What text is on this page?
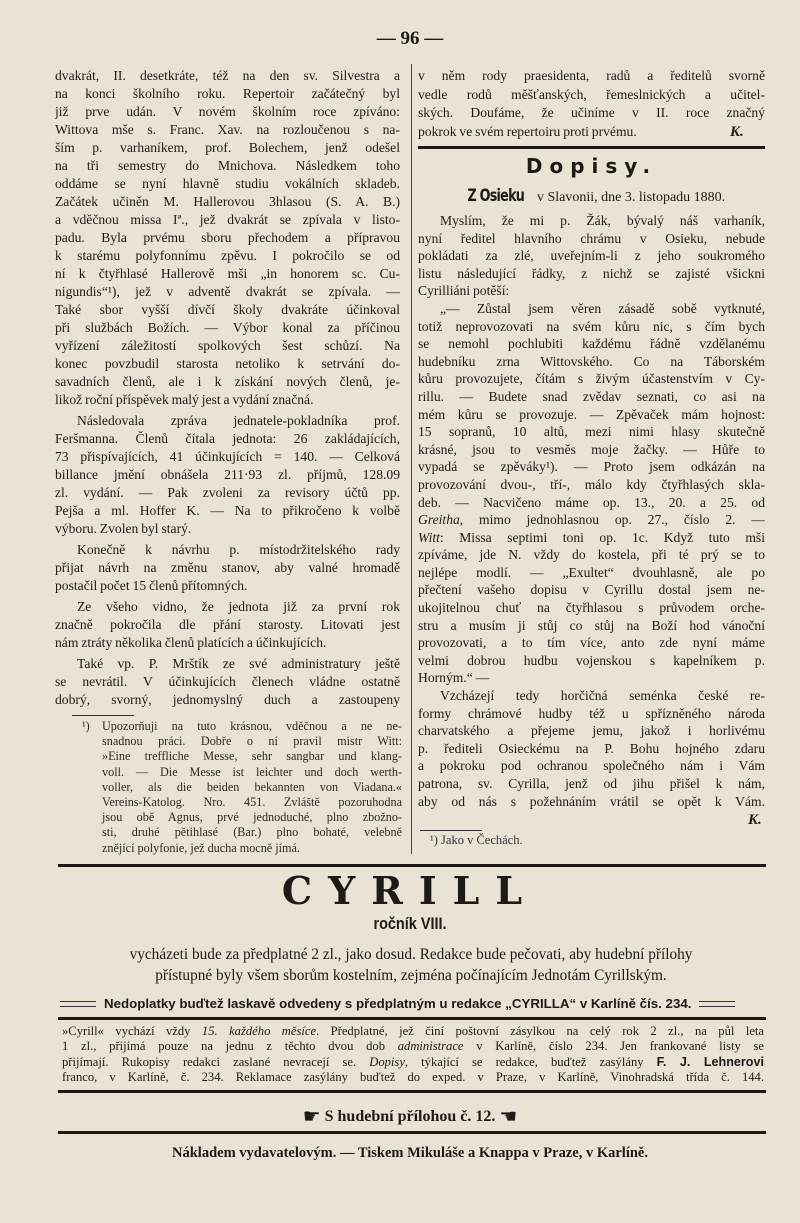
— 96 —
dvakrát, II. desetkráte, též na den sv. Silvestra a
na konci školního roku. Repertoir začátečný byl
již prve udán. V novém školním roce zpíváno:
Wittova mše s. Franc. Xav. na rozloučenou s na-
ším p. varhaníkem, prof. Bolechem, jenž odešel
na tři semestry do Mnichova. Následkem toho
oddáme se nyní hlavně studiu vokálních skladeb.
Začátek učiněn M. Hallerovou 3hlasou (S. A. B.)
a vděčnou missa Iª., jež dvakrát se zpívala v listo-
padu. Byla prvému sboru přechodem a přípravou
k starému polyfonnímu zpěvu. I pokročilo se od
ní k čtyřhlasé Hallerově mši „in honorem sc. Cu-
nigundis“¹), jež v adventě dvakrát se zpívala. —
Také sbor vyšší dívčí školy dvakráte účinkoval
při službách Božích. — Výbor konal za příčinou
vyřízení záležitostí spolkových šest schůzí. Na
konec povzbudil starosta netoliko k setrvání do-
savadních členů, ale i k získání nových členů, je-
likož roční příspěvek malý jest a vydání značná.
Následovala zpráva jednatele-pokladníka prof.
Feršmanna. Členů čítala jednota: 26 zakládajících,
73 přispívajících, 41 účinkujících = 140. — Celková
billance jmění obnášela 211·93 zl. příjmů, 128.09
zl. vydání. — Pak zvoleni za revisory účtů pp.
Pejša a ml. Hoffer K. — Na to přikročeno k volbě
výboru. Zvolen byl starý.
Konečně k návrhu p. místodržitelského rady
přijat návrh na změnu stanov, aby valné hromadě
postačil počet 15 členů přítomných.
Ze všeho vidno, že jednota již za první rok
značně pokročila dle přání starosty. Litovati jest
nám ztráty několika členů platících a účinkujících.
Také vp. P. Mrštík ze své administratury ještě
se nevrátil. V účinkujících členech vládne ostatně
dobrý, svorný, jednomyslný duch a zastoupeny
¹)	Upozorňuji na tuto krásnou, vděčnou a ne ne-
snadnou práci. Dobře o ní pravil mistr Witt:
»Eine treffliche Messe, sehr sangbar und klang-
voll. — Die Messe ist leichter und doch werth-
voller, als die beiden bekannten von Viadana.«
Vereins-Katolog. Nro. 451. Zvláště pozoruhodna
jsou obě Agnus, prvé jednoduché, plno zbožno-
sti, druhé pětihlasé (Bar.) plno bohaté, velebně
znějící polyfonie, jež ducha mocně jímá.
v něm rody praesidenta, radů a ředitelů svorně
vedle rodů měšťanských, řemeslnických a učitel-
ských. Doufáme, že učiníme v II. roce značný
pokrok ve svém repertoiru proti prvému.	K.
Dopisy.
Z Osieku v Slavonii, dne 3. listopadu 1880.
Myslím, že mi p. Žák, bývalý náš varhaník,
nyní ředitel hlavního chrámu v Osieku, nebude
pokládati za zlé, uveřejním-li z jeho soukromého
listu následující řádky, z nichž se zajisté všickni
Cyrilliáni potěší:
„— Zůstal jsem věren zásadě sobě vytknuté,
totiž neprovozovati na svém kůru nic, s čím bych
se nemohl pochlubiti každému řádně vzdělanému
hudebníku zrna Wittovského. Co na Táborském
kůru provozujete, čítám s živým účastenstvím v Cy-
rillu. — Budete snad zvědav seznati, co asi na
mém kůru se provozuje. — Zpěvaček mám hojnost:
15 sopranů, 10 altů, mezi nimi hlasy skutečně
krásné, jsou to vesměs moje žačky. — Hůře to
vypadá se zpěváky¹). — Proto jsem odkázán na
provozování dvou-, tří-, málo kdy čtyřhlasých skla-
deb. — Nacvičeno máme op. 13., 20. a 25. od
Greitha, mimo jednohlasnou op. 27., číslo 2. —
Witt: Missa septimi toni op. 1c. Když tuto mši
zpíváme, jde N. vždy do kostela, při té prý se to
nejlépe modlí. — „Exultet“ dvouhlasně, ale po
přečtení vašeho dopisu v Cyrillu dostal jsem ne-
ukojitelnou chuť na čtyřhlasou s průvodem orche-
stru a musím ji stůj co stůj na Boží hod vánoční
provozovati, a to tím více, anto zde nyní máme
velmi dobrou hudbu vojenskou s kapelníkem p.
Horným.“ —
Vzcházejí tedy horčičná seménka české re-
formy chrámové hudby též u spřízněného národa
charvatského a přejeme jemu, jakož i horlivému
p. řediteli Osieckému na P. Bohu hojného zdaru
a pokroku pod ochranou společného nám i Vám
patrona, sv. Cyrilla, jenž od jihu přišel k nám,
aby od nás s požehnáním vrátil se opět k Vám.
K.
¹) Jako v Čechách.
CYRILL
ročník VIII.
vycházeti bude za předplatné 2 zl., jako dosud. Redakce bude pečovati, aby hudební přílohy
přístupné byly všem sborům kostelním, zejména počínajícím Jednotám Cyrillským.
Nedoplatky buďtež laskavě odvedeny s předplatným u redakce „CYRILLA“ v Karlíně čís. 234.
»Cyrill« vychází vždy 15. každého měsíce. Předplatné, jež činí poštovní zásylkou na celý rok 2 zl., na půl leta
1 zl., přijímá pouze na jednu z těchto dvou dob administrace v Karlíně, číslo 234. Jen frankované listy se
přijímají. Rukopisy redakci zaslané nevracejí se. Dopisy, týkající se redakce, buďtež zasýlány F. J. Lehnerovi
franco, v Karlíně, č. 234. Reklamace zasýlány buďtež do exped. v Praze, v Karlíně, Vinohradská třída č. 144.
☛ S hudební přílohou č. 12. ☚
Nákladem vydavatelovým. — Tiskem Mikuláše a Knappa v Praze, v Karlíně.
